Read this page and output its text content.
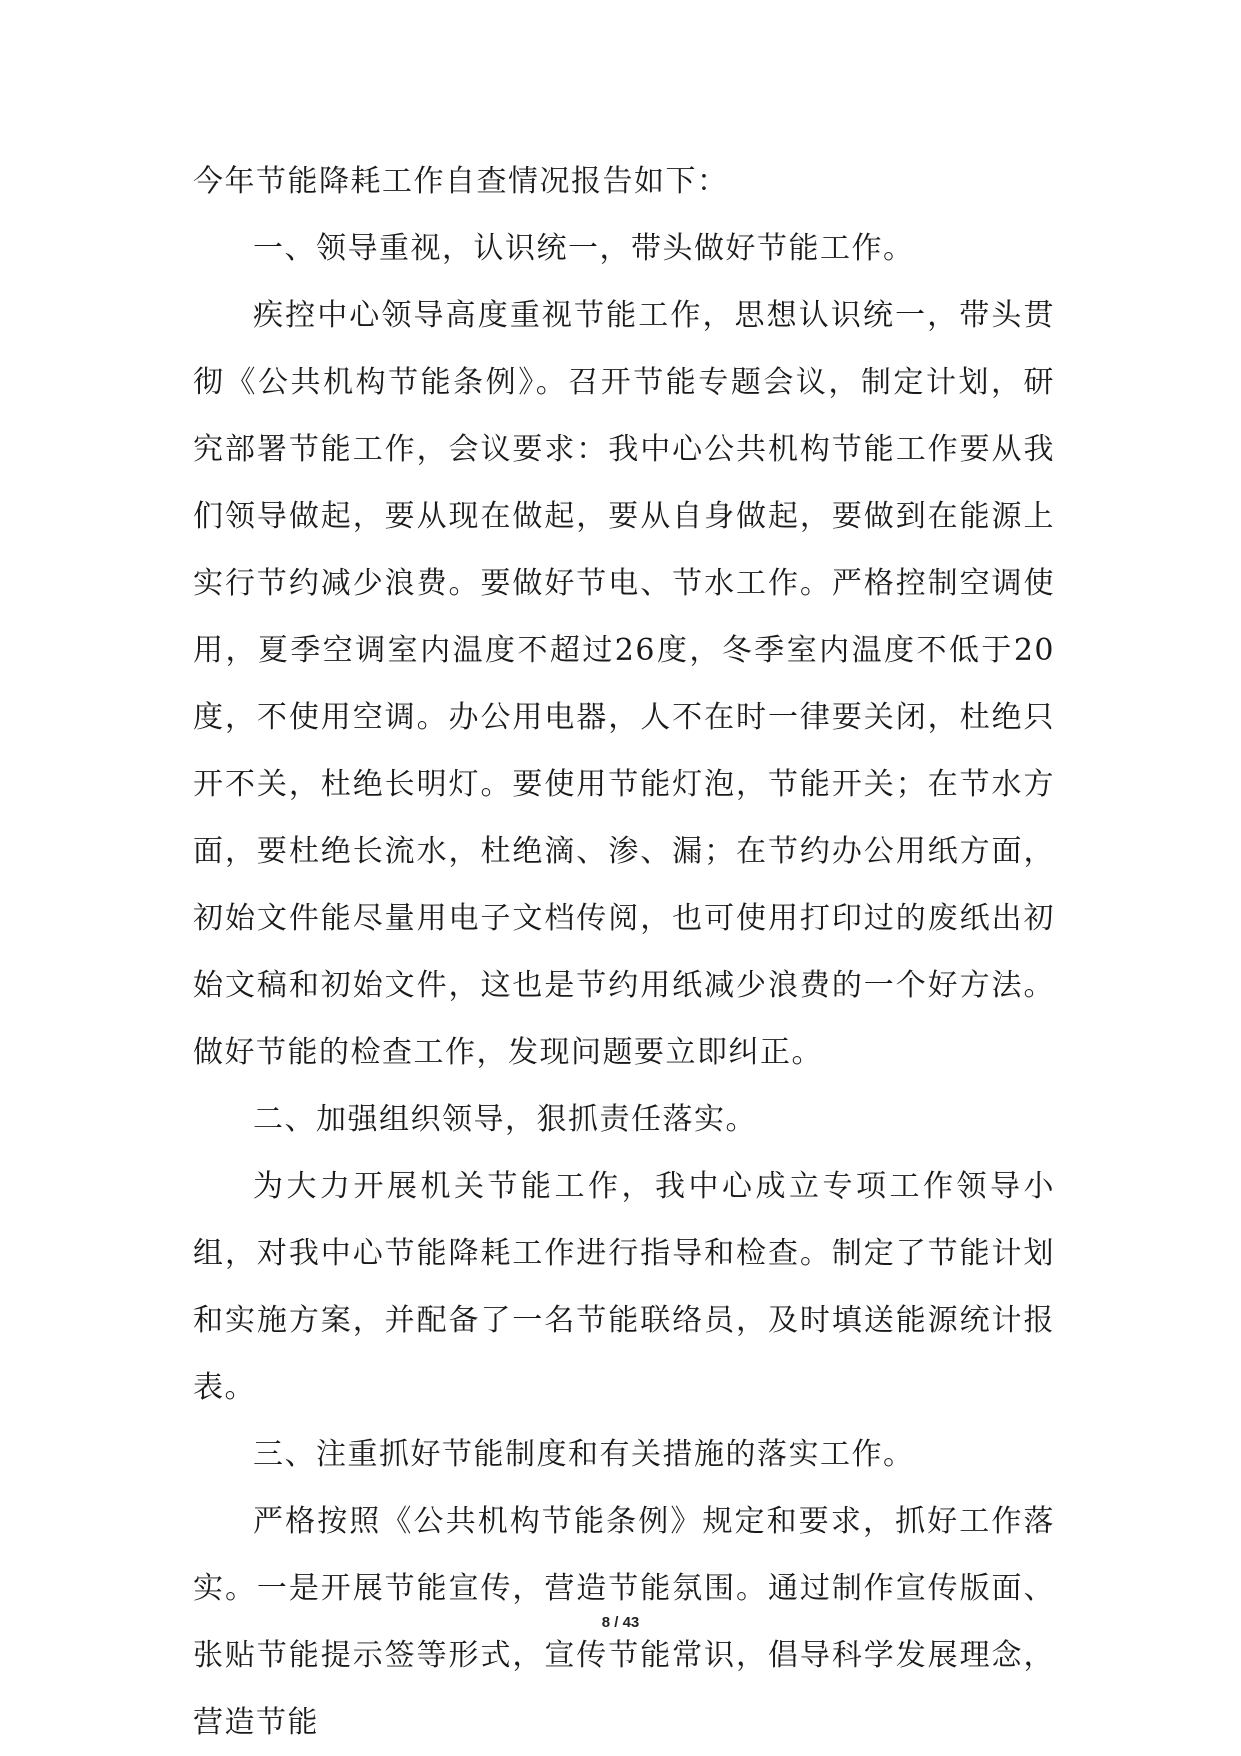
今年节能降耗工作自查情况报告如下：

一、领导重视，认识统一，带头做好节能工作。

疾控中心领导高度重视节能工作，思想认识统一，带头贯彻《公共机构节能条例》。召开节能专题会议，制定计划，研究部署节能工作，会议要求：我中心公共机构节能工作要从我们领导做起，要从现在做起，要从自身做起，要做到在能源上实行节约减少浪费。要做好节电、节水工作。严格控制空调使用，夏季空调室内温度不超过26度，冬季室内温度不低于20度，不使用空调。办公用电器，人不在时一律要关闭，杜绝只开不关，杜绝长明灯。要使用节能灯泡，节能开关；在节水方面，要杜绝长流水，杜绝滴、渗、漏；在节约办公用纸方面，初始文件能尽量用电子文档传阅，也可使用打印过的废纸出初始文稿和初始文件，这也是节约用纸减少浪费的一个好方法。做好节能的检查工作，发现问题要立即纠正。

二、加强组织领导，狠抓责任落实。

为大力开展机关节能工作，我中心成立专项工作领导小组，对我中心节能降耗工作进行指导和检查。制定了节能计划和实施方案，并配备了一名节能联络员，及时填送能源统计报表。

三、注重抓好节能制度和有关措施的落实工作。

严格按照《公共机构节能条例》规定和要求，抓好工作落实。一是开展节能宣传，营造节能氛围。通过制作宣传版面、张贴节能提示签等形式，宣传节能常识，倡导科学发展理念，营造节能

8 / 43
